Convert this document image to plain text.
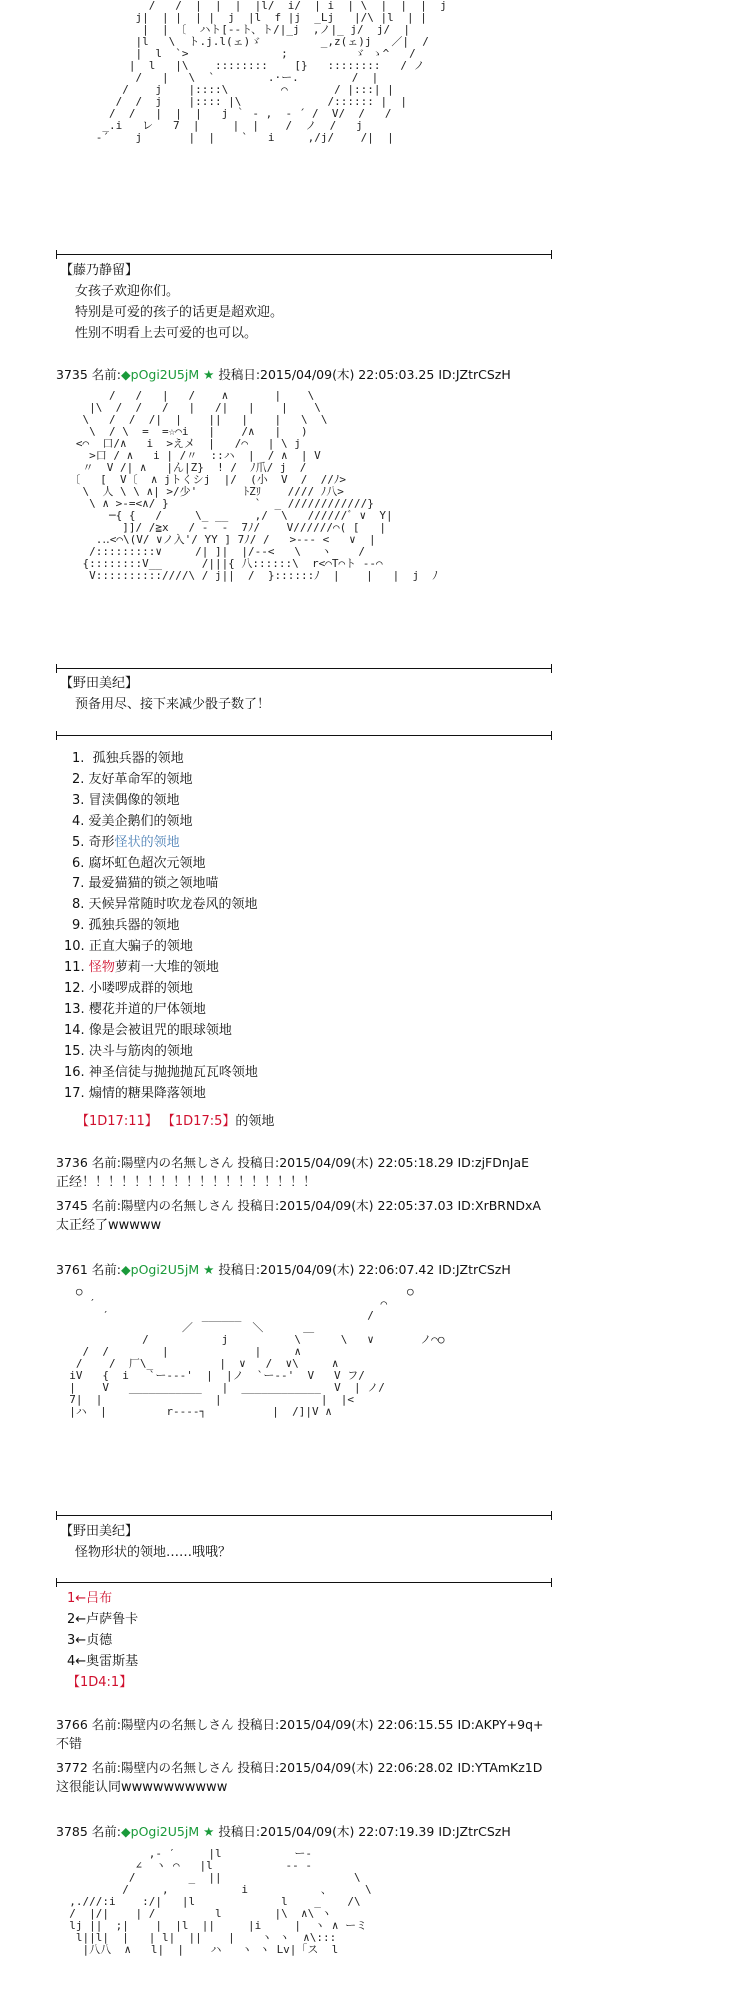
/   /  |  |  |  |l/  i/  | i  | \  |  |  |  j
j|  | |  | |  j  |l  f |j  _Lj   |/\ |l  | |
|  | 〔  ハト[‐‐ト、ト/|_j  ,ノ|_ j/  j/  |
|l   \  ト.j.l(ェ)ゞ         _,z(ェ)j   ／|  /
|  l  `>              ;          ゞ ゝ^   /
|  l   |\    ::::::::    [}   ::::::::   / ノ
/   |   \  `        .·ー.        /  |
/    j    |::::\        ⌒       / |:::| |
/  /  j    |:::: |\             /:::::: |  |
/  /   |  |  |   j ｀ ‐ ,  ‐ ´ /  V/  /   /
_.i   レ   7  |     |  |    /  ノ  /   j
-´    j       |  |    `   i     ,/j/    /|  |
【藤乃静留】
女孩子欢迎你们。
特别是可爱的孩子的话更是超欢迎。
性别不明看上去可爱的也可以。
3735 名前:◆pOgi2U5jM ★ 投稿日:2015/04/09(木) 22:05:03.25 ID:JZtrCSzH
/   /   |   /    ∧       |    \
|\  /  /   /   |   /|   |    |    \
\   /  /  /|  |    ||   |    |   \  \
\  / \  =  =☆⌒i   |    /∧   |   )
<⌒  口/∧   i  >えメ  |   /⌒   | \ j
>口 / ∧   i | /〃  ::ハ  |  / ∧  | V
〃  V /| ∧   |ん|Z}  ! /  ﾉ爪/ j  /
〔   [  V〔  ∧ jトくシj  |/  (小  V  /  //ﾉ>
\  人 \ \ ∧| >/少'       ﾄZﾘ    //// ﾉ八>
\ ∧ >‐=<∧/ }             `  _ ////////////}
─{ {   /     \_ __    ,/  \   //////ﾞ ∨  Y|
]]/ /≧x   / ‐  ‐  7ﾉ/    V//////⌒( [   |
.‥<⌒\(V/ ∨ノ入'/ YY ] 7ﾉ/ /   >‐‐‐ <   ∨  |
/:::::::::∨     /| ]|  |/‐‐<   \   ヽ    /
{::::::::V__      /|||{ 八::::::\  r<⌒T⌒ト ‐‐⌒
V::::::::::////\ / j||  /  }::::::ﾉ  |    |   |  j  ﾉ
【野田美纪】
预备用尽、接下来减少骰子数了！
1. 孤独兵器的领地
2. 友好革命军的领地
3. 冒渎偶像的领地
4. 爱美企鹅们的领地
5. 奇形怪状的领地
6. 腐坏虹色超次元领地
7. 最爱猫猫的锁之领地喵
8. 天候异常随时吹龙卷风的领地
9. 孤独兵器的领地
10. 正直大骗子的领地
11. 怪物萝莉一大堆的领地
12. 小喽啰成群的领地
13. 樱花并道的尸体领地
14. 像是会被诅咒的眼球领地
15. 决斗与筋肉的领地
16. 神圣信徒与抛抛抛瓦瓦咚领地
17. 煽情的糖果降落领地
【1D17:11】 【1D17:5】的领地
3736 名前:陽壁内の名無しさん 投稿日:2015/04/09(木) 22:05:18.29 ID:zjFDnJaE
正经！！！！！！！！！！！！！！！！！！
3745 名前:陽壁内の名無しさん 投稿日:2015/04/09(木) 22:05:37.03 ID:XrBRNDxA
太正经了wwwww
3761 名前:◆pOgi2U5jM ★ 投稿日:2015/04/09(木) 22:06:07.42 ID:JZtrCSzH
○                                                 ○
′                                           ⌒
′              ______                   /
／         ＼      ＿
/           j          \      \   ∨       ノ⌒○
/  /        |             |     ∧
/    /  厂\_          |  ∨   /  ∨\     ∧
iV   {  i   `ー‐‐‐'  |  |ノ  `ー‐‐'  V   V フ/
|    V   ___________   |  ____________  V  | ノ/
7|  |                 |               |  |<
|ハ  |         r‐‐‐‐┐          |  /]|V ∧
【野田美纪】
怪物形状的领地……哦哦？
1←吕布
2←卢萨鲁卡
3←贞德
4←奥雷斯基
【1D4:1】
3766 名前:陽壁内の名無しさん 投稿日:2015/04/09(木) 22:06:15.55 ID:AKPY+9q+
不错
3772 名前:陽壁内の名無しさん 投稿日:2015/04/09(木) 22:06:28.02 ID:YTAmKz1D
这很能认同wwwwwwwwww
3785 名前:◆pOgi2U5jM ★ 投稿日:2015/04/09(木) 22:07:19.39 ID:JZtrCSzH
,‐ ′     |l           ー‐
∠  ヽ ⌒   |l           ‐‐ ‐
/        _  ||                    \
/     ,           i           、     \
,.///:i    :/|   |l             l    _    /\
/  |/|    | /         l        |\  ∧\ ヽ
lj ||  ;|    |  |l  ||     |i     |  ヽ ∧ ーミ
l||l|  |   | l|  ||    |    ヽ ヽ  ∧\:::
|八八  ∧   l|  |    ハ   ヽ ヽ Lv|「ス  l
